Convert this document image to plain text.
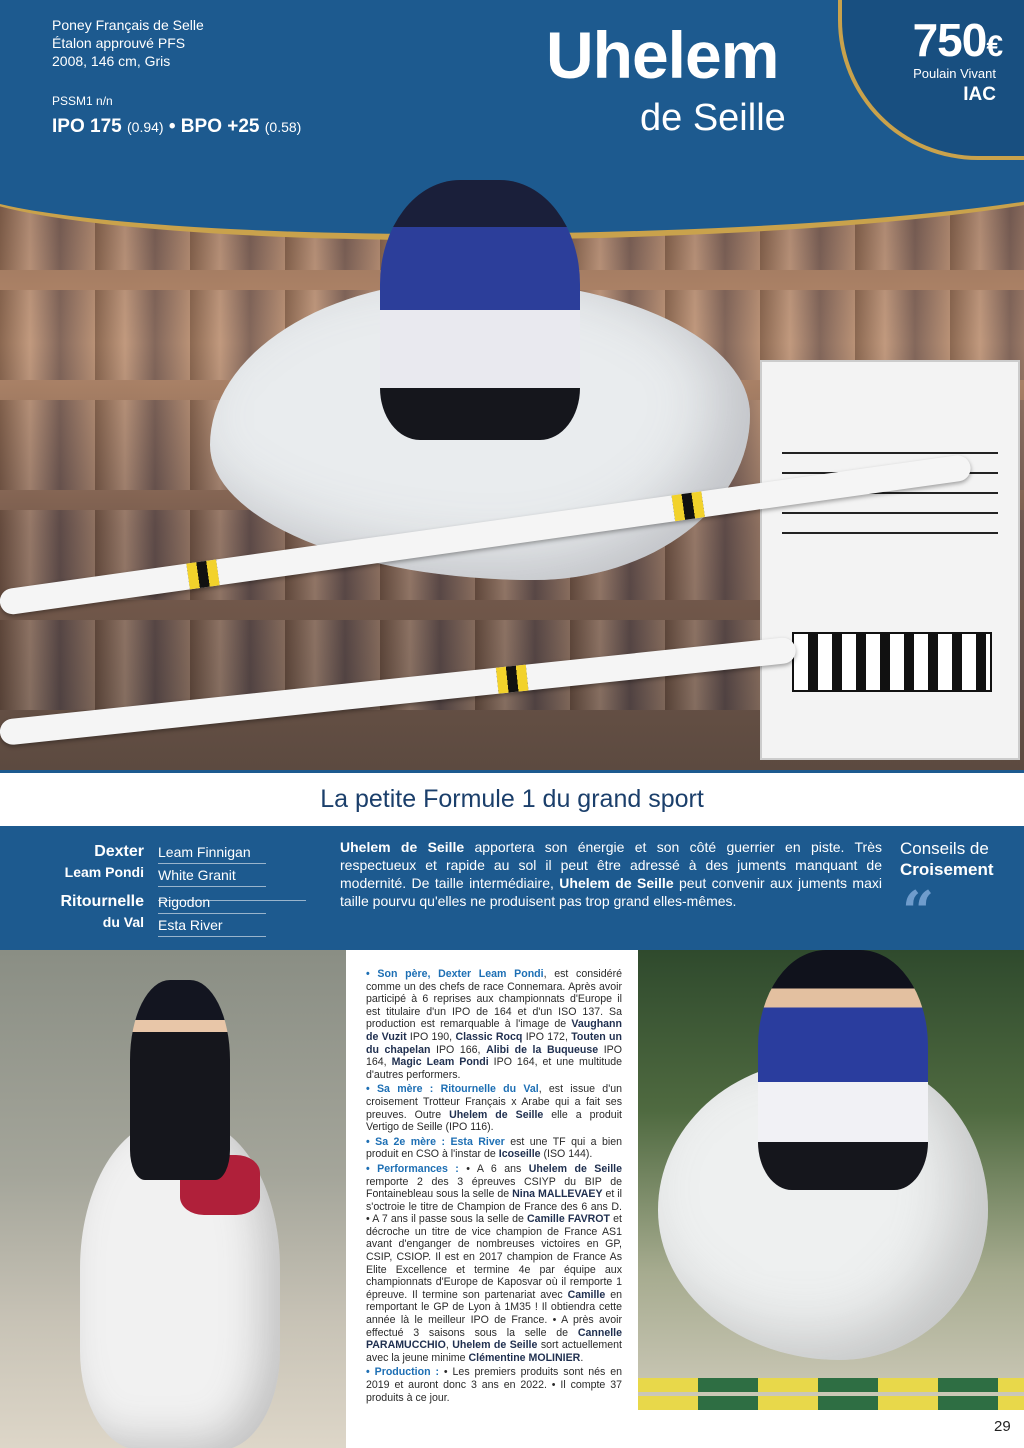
Poney Français de Selle
Étalon approuvé PFS
2008, 146 cm, Gris
PSSM1 n/n
IPO 175 (0.94) • BPO +25 (0.58)
Uhelem
de Seille
750€
Poulain Vivant
IAC
La petite Formule 1 du grand sport
Dexter
Leam Pondi
Leam Finnigan
White Granit
Ritournelle
du Val
Rigodon
Esta River
Uhelem de Seille apportera son énergie et son côté guerrier en piste. Très respectueux et rapide au sol il peut être adressé à des juments manquant de modernité. De taille intermédiaire, Uhelem de Seille peut convenir aux juments maxi taille pourvu qu'elles ne produisent pas trop grand elles-mêmes.
Conseils de
Croisement
“

• Son père, Dexter Leam Pondi, est considéré comme un des chefs de race Connemara. Après avoir participé à 6 reprises aux championnats d'Europe il est titulaire d'un IPO de 164 et d'un ISO 137. Sa production est remarquable à l'image de Vaughann de Vuzit IPO 190, Classic Rocq IPO 172, Touten un du chapelan IPO 166, Alibi de la Buqueuse IPO 164, Magic Leam Pondi IPO 164, et une multitude d'autres performers.

• Sa mère : Ritournelle du Val, est issue d'un croisement Trotteur Français x Arabe qui a fait ses preuves. Outre Uhelem de Seille elle a produit Vertigo de Seille (IPO 116).

• Sa 2e mère : Esta River est une TF qui a bien produit en CSO à l'instar de Icoseille (ISO 144).

• Performances : • A 6 ans Uhelem de Seille remporte 2 des 3 épreuves CSIYP du BIP de Fontainebleau sous la selle de Nina MALLEVAEY et il s'octroie le titre de Champion de France des 6 ans D. • A 7 ans il passe sous la selle de Camille FAVROT et décroche un titre de vice champion de France AS1 avant d'enganger de nombreuses victoires en GP, CSIP, CSIOP. Il est en 2017 champion de France As Elite Excellence et termine 4e par équipe aux championnats d'Europe de Kaposvar où il remporte 1 épreuve. Il termine son partenariat avec Camille en remportant le GP de Lyon à 1M35 ! Il obtiendra cette année là le meilleur IPO de France. • A près avoir effectué 3 saisons sous la selle de Cannelle PARAMUCCHIO, Uhelem de Seille sort actuellement avec la jeune minime Clémentine MOLINIER.

• Production : • Les premiers produits sont nés en 2019 et auront donc 3 ans en 2022. • Il compte 37 produits à ce jour.

29
